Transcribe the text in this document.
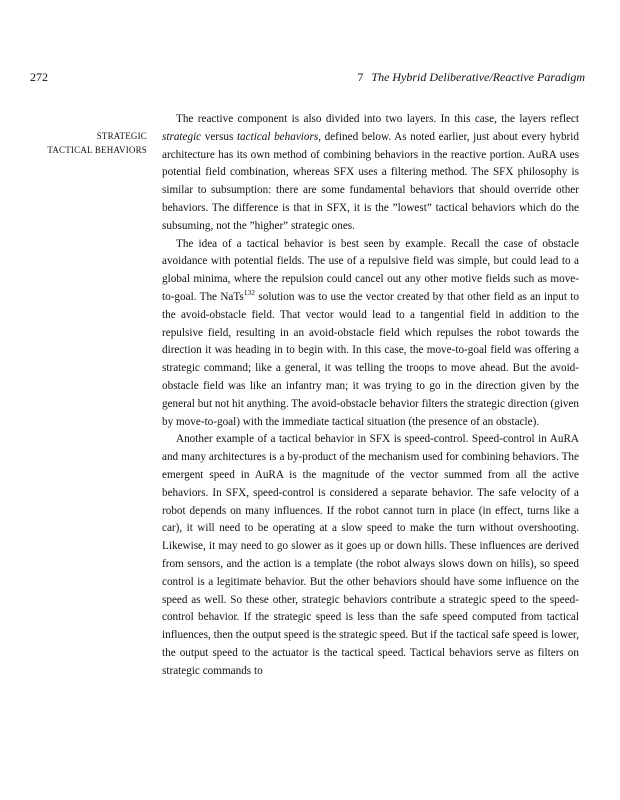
272	7 The Hybrid Deliberative/Reactive Paradigm
STRATEGIC
TACTICAL BEHAVIORS

The reactive component is also divided into two layers. In this case, the layers reflect strategic versus tactical behaviors, defined below. As noted earlier, just about every hybrid architecture has its own method of combining behaviors in the reactive portion. AuRA uses potential field combination, whereas SFX uses a filtering method. The SFX philosophy is similar to subsumption: there are some fundamental behaviors that should override other behaviors. The difference is that in SFX, it is the ”lowest” tactical behaviors which do the subsuming, not the ”higher” strategic ones.

The idea of a tactical behavior is best seen by example. Recall the case of obstacle avoidance with potential fields. The use of a repulsive field was simple, but could lead to a global minima, where the repulsion could cancel out any other motive fields such as move-to-goal. The NaTs$^{132}$ solution was to use the vector created by that other field as an input to the avoid-obstacle field. That vector would lead to a tangential field in addition to the repulsive field, resulting in an avoid-obstacle field which repulses the robot towards the direction it was heading in to begin with. In this case, the move-to-goal field was offering a strategic command; like a general, it was telling the troops to move ahead. But the avoid-obstacle field was like an infantry man; it was trying to go in the direction given by the general but not hit anything. The avoid-obstacle behavior filters the strategic direction (given by move-to-goal) with the immediate tactical situation (the presence of an obstacle).

Another example of a tactical behavior in SFX is speed-control. Speed-control in AuRA and many architectures is a by-product of the mechanism used for combining behaviors. The emergent speed in AuRA is the magnitude of the vector summed from all the active behaviors. In SFX, speed-control is considered a separate behavior. The safe velocity of a robot depends on many influences. If the robot cannot turn in place (in effect, turns like a car), it will need to be operating at a slow speed to make the turn without overshooting. Likewise, it may need to go slower as it goes up or down hills. These influences are derived from sensors, and the action is a template (the robot always slows down on hills), so speed control is a legitimate behavior. But the other behaviors should have some influence on the speed as well. So these other, strategic behaviors contribute a strategic speed to the speed-control behavior. If the strategic speed is less than the safe speed computed from tactical influences, then the output speed is the strategic speed. But if the tactical safe speed is lower, the output speed to the actuator is the tactical speed. Tactical behaviors serve as filters on strategic commands to
